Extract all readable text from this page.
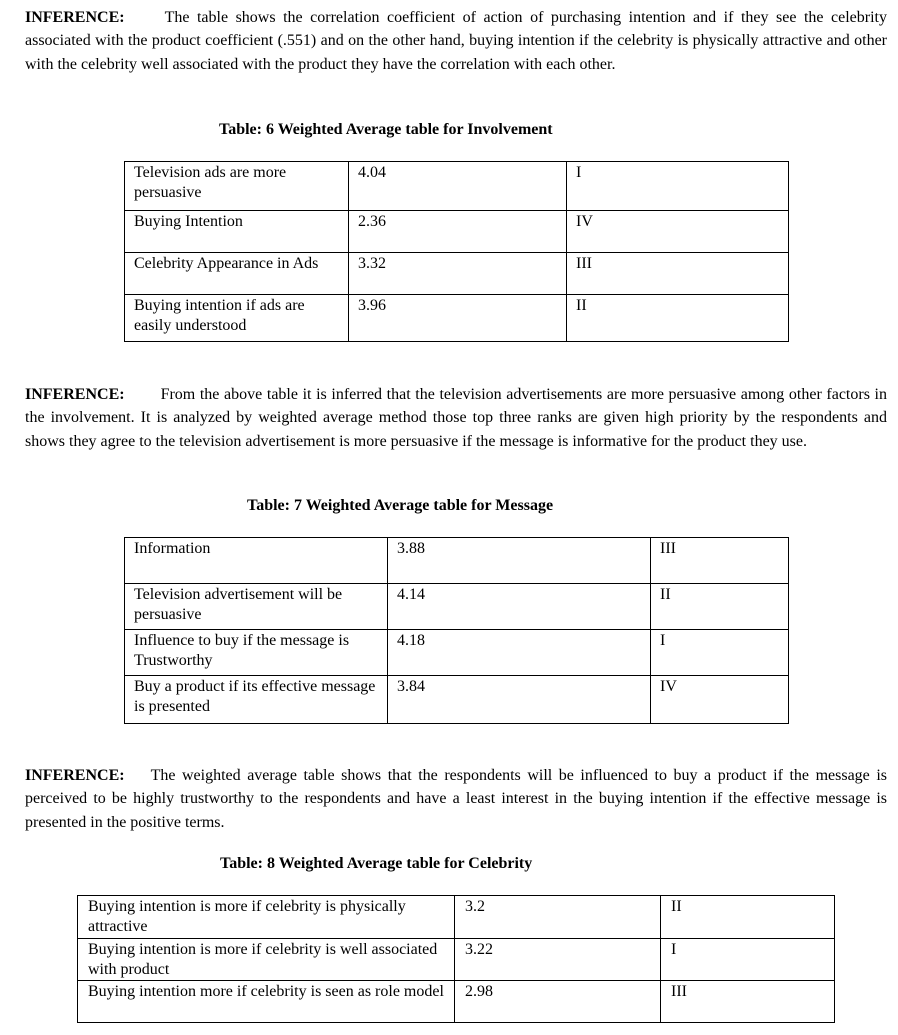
INFERENCE:	The table shows the correlation coefficient of action of purchasing intention and if they see the celebrity associated with the product coefficient (.551) and on the other hand, buying intention if the celebrity is physically attractive and other with the celebrity well associated with the product they have the correlation with each other.

Table: 6 Weighted Average table for Involvement
Television ads are more persuasive	4.04	I
Buying Intention	2.36	IV
Celebrity Appearance in Ads	3.32	III
Buying intention if ads are easily understood	3.96	II

INFERENCE: From the above table it is inferred that the television advertisements are more persuasive among other factors in the involvement. It is analyzed by weighted average method those top three ranks are given high priority by the respondents and shows they agree to the television advertisement is more persuasive if the message is informative for the product they use.

Table: 7 Weighted Average table for Message
Information	3.88	III
Television advertisement will be persuasive	4.14	II
Influence to buy if the message is Trustworthy	4.18	I
Buy a product if its effective message is presented	3.84	IV

INFERENCE: The weighted average table shows that the respondents will be influenced to buy a product if the message is perceived to be highly trustworthy to the respondents and have a least interest in the buying intention if the effective message is presented in the positive terms.

Table: 8 Weighted Average table for Celebrity
Buying intention is more if celebrity is physically attractive	3.2	II
Buying intention is more if celebrity is well associated with product	3.22	I
Buying intention more if celebrity is seen as role model	2.98	III
